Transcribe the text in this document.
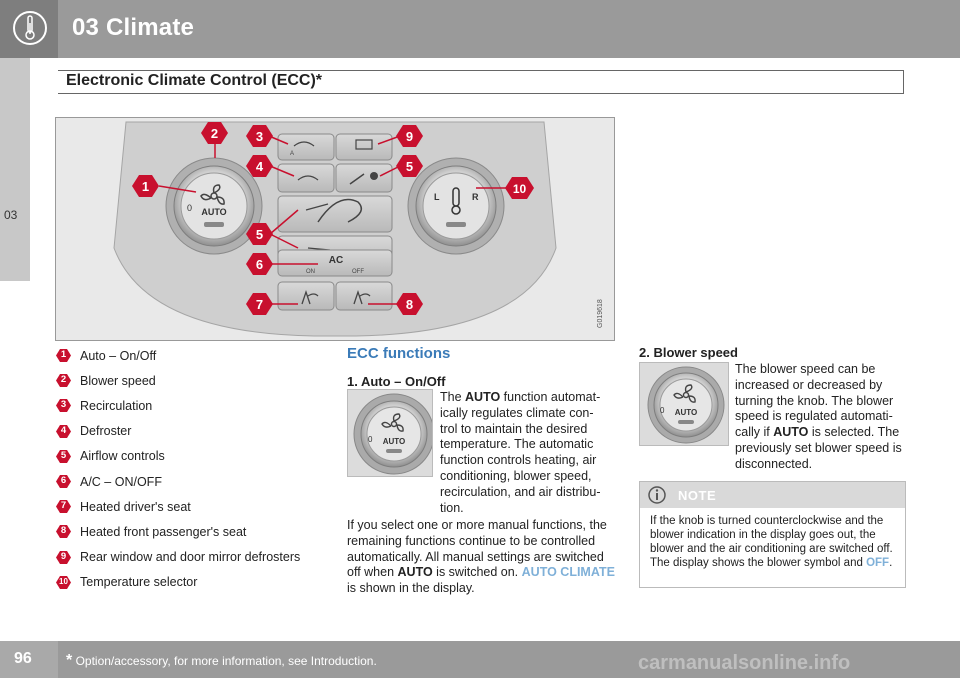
03 Climate
Electronic Climate Control (ECC)*
03	0 AUTO
A
AC
ON	OFF
L	R
1
2	3
4
5
5
6
7	8
9
10
G019618
1	Auto – On/Off
2	Blower speed
3	Recirculation
4	Defroster
5	Airflow controls
6	A/C – ON/OFF
7	Heated driver's seat
8	Heated front passenger's seat
9	Rear window and door mirror defrosters
10 Temperature selector
ECC functions
1. Auto – On/Off
0 AUTO
The AUTO function automat-ically regulates climate con-trol to maintain the desired temperature. The automatic function controls heating, air conditioning, blower speed, recirculation, and air distribu-tion.
If you select one or more manual functions, the remaining functions continue to be controlled automatically. All manual settings are switched off when AUTO is switched on. AUTO CLIMATE is shown in the display.
2. Blower speed
0 AUTO
The blower speed can be increased or decreased by turning the knob. The blower speed is regulated automati-cally if AUTO is selected. The previously set blower speed is disconnected.
NOTE
If the knob is turned counterclockwise and the blower indication in the display goes out, the blower and the air conditioning are switched off. The display shows the blower symbol and OFF.
96 * Option/accessory, for more information, see Introduction.	carmanualsonline.info
